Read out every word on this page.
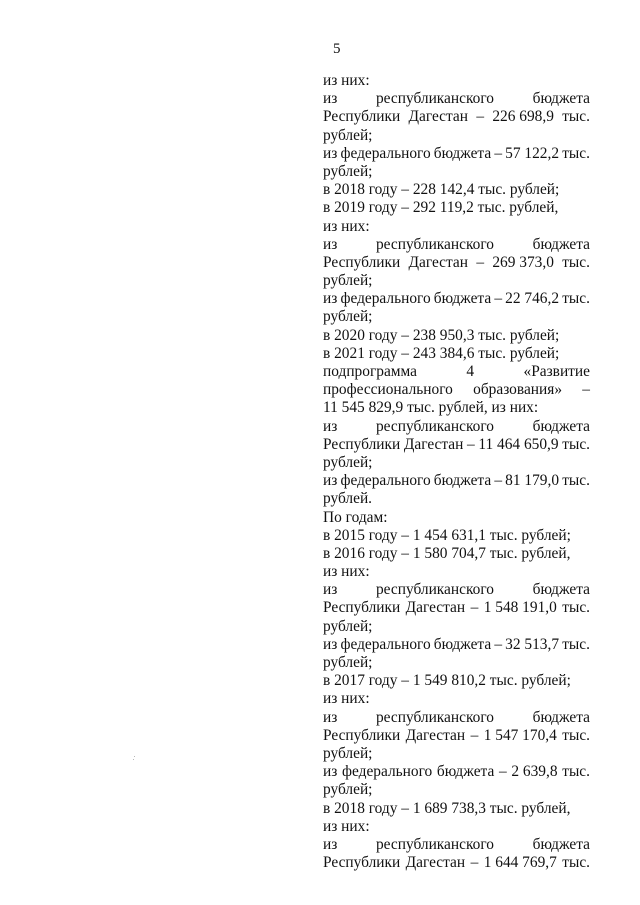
5
из них:
из	республиканского	бюджета
Республики Дагестан – 226 698,9 тыс.
рублей;
из федерального бюджета – 57 122,2 тыс.
рублей;
в 2018 году – 228 142,4 тыс. рублей;
в 2019 году – 292 119,2 тыс. рублей,
из них:
из	республиканского	бюджета
Республики Дагестан – 269 373,0 тыс.
рублей;
из федерального бюджета – 22 746,2 тыс.
рублей;
в 2020 году – 238 950,3 тыс. рублей;
в 2021 году – 243 384,6 тыс. рублей;
подпрограмма	4	«Развитие
профессионального образования» –
11 545 829,9 тыс. рублей, из них:
из	республиканского	бюджета
Республики Дагестан – 11 464 650,9 тыс.
рублей;
из федерального бюджета – 81 179,0 тыс.
рублей.
По годам:
в 2015 году – 1 454 631,1 тыс. рублей;
в 2016 году – 1 580 704,7 тыс. рублей,
из них:
из	республиканского	бюджета
Республики Дагестан – 1 548 191,0 тыс.
рублей;
из федерального бюджета – 32 513,7 тыс.
рублей;
в 2017 году – 1 549 810,2 тыс. рублей;
из них:
из	республиканского	бюджета
Республики Дагестан – 1 547 170,4 тыс.
рублей;
из федерального бюджета – 2 639,8 тыс.
рублей;
в 2018 году – 1 689 738,3 тыс. рублей,
из них:
из	республиканского	бюджета
Республики Дагестан – 1 644 769,7 тыс.
